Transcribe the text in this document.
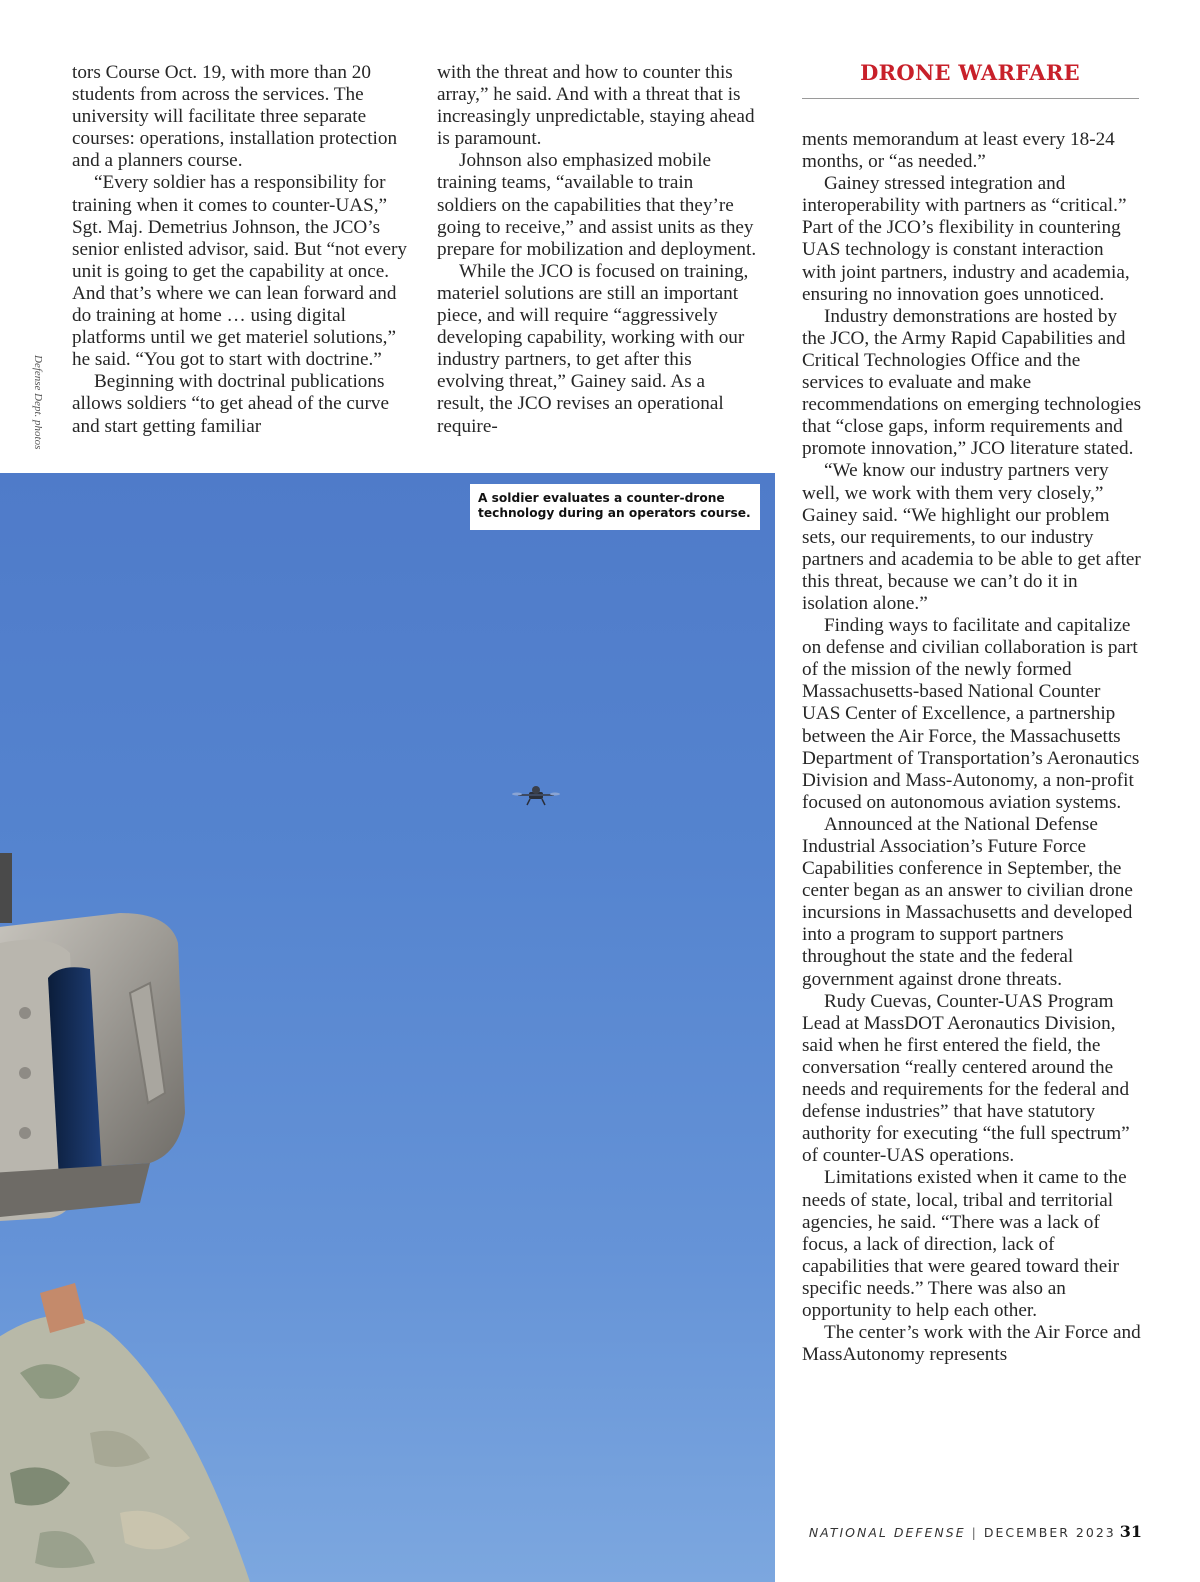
DRONE WARFARE
Defense Dept. photos

tors Course Oct. 19, with more than 20 students from across the services. The university will facilitate three separate courses: operations, installation protection and a planners course.

“Every soldier has a responsibility for training when it comes to counter-UAS,” Sgt. Maj. Demetrius Johnson, the JCO’s senior enlisted advisor, said. But “not every unit is going to get the capability at once. And that’s where we can lean forward and do training at home … using digital platforms until we get materiel solutions,” he said. “You got to start with doctrine.”

Beginning with doctrinal publications allows soldiers “to get ahead of the curve and start getting familiar

with the threat and how to counter this array,” he said. And with a threat that is increasingly unpredictable, staying ahead is paramount.

Johnson also emphasized mobile training teams, “available to train soldiers on the capabilities that they’re going to receive,” and assist units as they prepare for mobilization and deployment.

While the JCO is focused on training, materiel solutions are still an important piece, and will require “aggressively developing capability, working with our industry partners, to get after this evolving threat,” Gainey said. As a result, the JCO revises an operational require-

ments memorandum at least every 18-24 months, or “as needed.”

Gainey stressed integration and interoperability with partners as “critical.” Part of the JCO’s flexibility in countering UAS technology is constant interaction with joint partners, industry and academia, ensuring no innovation goes unnoticed.

Industry demonstrations are hosted by the JCO, the Army Rapid Capabilities and Critical Technologies Office and the services to evaluate and make recommendations on emerging technologies that “close gaps, inform requirements and promote innovation,” JCO literature stated.

“We know our industry partners very well, we work with them very closely,” Gainey said. “We highlight our problem sets, our requirements, to our industry partners and academia to be able to get after this threat, because we can’t do it in isolation alone.”

Finding ways to facilitate and capitalize on defense and civilian collaboration is part of the mission of the newly formed Massachusetts-based National Counter UAS Center of Excellence, a partnership between the Air Force, the Massachusetts Department of Transportation’s Aeronautics Division and Mass-Autonomy, a non-profit focused on autonomous aviation systems.

Announced at the National Defense Industrial Association’s Future Force Capabilities conference in September, the center began as an answer to civilian drone incursions in Massachusetts and developed into a program to support partners throughout the state and the federal government against drone threats.

Rudy Cuevas, Counter-UAS Program Lead at MassDOT Aeronautics Division, said when he first entered the field, the conversation “really centered around the needs and requirements for the federal and defense industries” that have statutory authority for executing “the full spectrum” of counter-UAS operations.

Limitations existed when it came to the needs of state, local, tribal and territorial agencies, he said. “There was a lack of focus, a lack of direction, lack of capabilities that were geared toward their specific needs.” There was also an opportunity to help each other.

The center’s work with the Air Force and MassAutonomy represents

A soldier evaluates a counter-drone technology during an operators course.
NATIONAL DEFENSE | DECEMBER 2023 31
